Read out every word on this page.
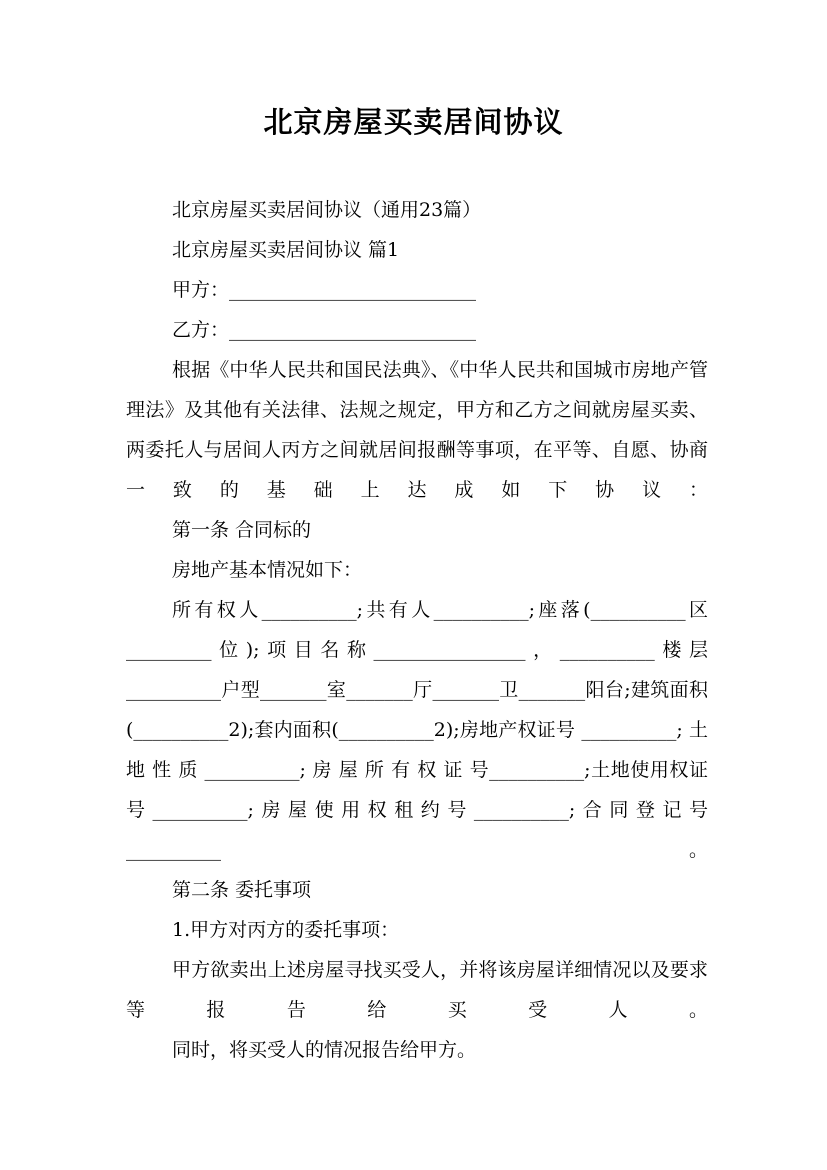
北京房屋买卖居间协议

北京房屋买卖居间协议（通用23篇）

北京房屋买卖居间协议 篇1

甲方：__________________________

乙方：__________________________

根据《中华人民共和国民法典》、《中华人民共和国城市房地产管理法》及其他有关法律、法规之规定，甲方和乙方之间就房屋买卖、两委托人与居间人丙方之间就居间报酬等事项，在平等、自愿、协商一致的基础上达成如下协议：

第一条 合同标的

房地产基本情况如下：

所有权人__________;共有人__________;座落(__________区_________位);项目名称________________，__________楼层__________户型_______室_______厅_______卫_______阳台;建筑面积(__________2);套内面积(__________2);房地产权证号 __________; 土 地 性 质 __________; 房 屋 所 有 权 证 号__________;土地使用权证号__________;房屋使用权租约号__________;合同登记号__________。

第二条 委托事项

1.甲方对丙方的委托事项：

甲方欲卖出上述房屋寻找买受人，并将该房屋详细情况以及要求等报告给买受人。

同时，将买受人的情况报告给甲方。
